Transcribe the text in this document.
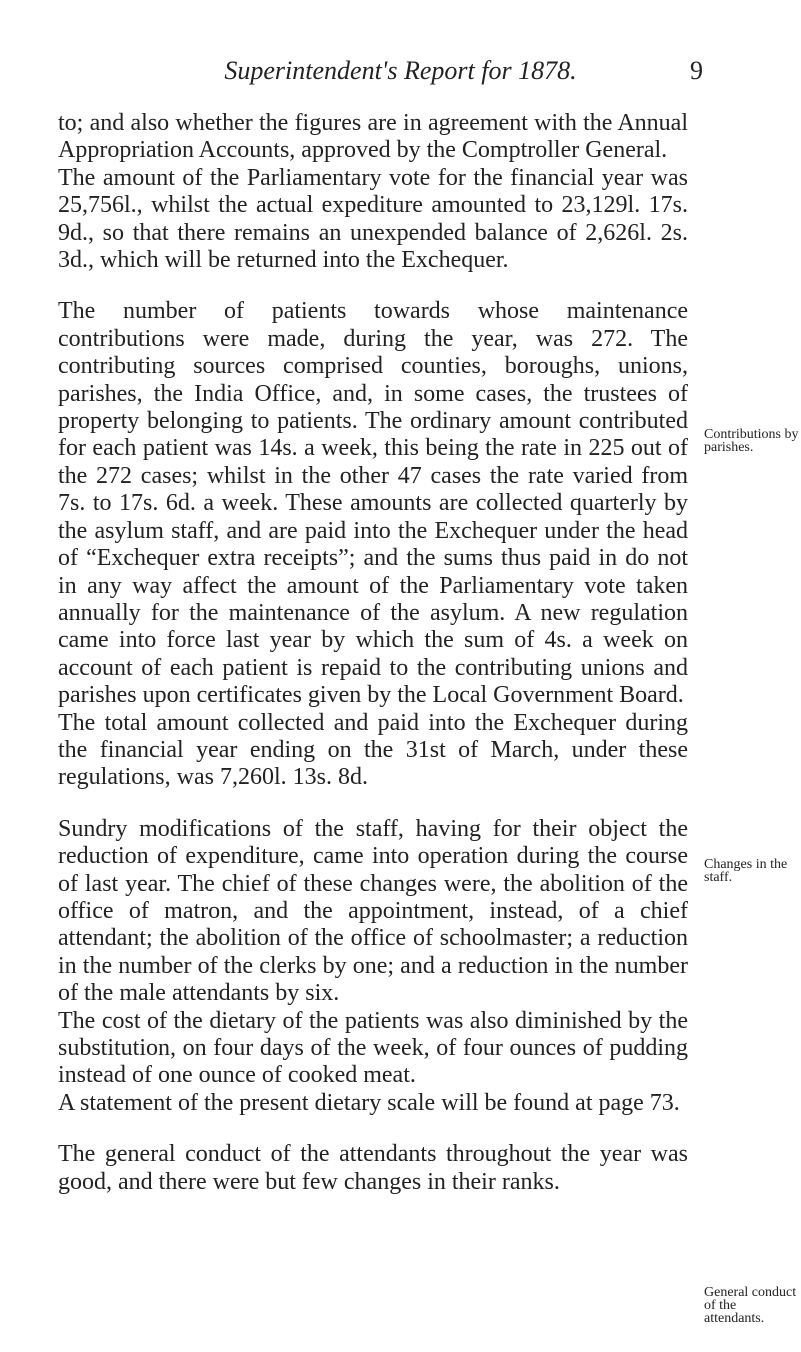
Superintendent's Report for 1878.	9

to; and also whether the figures are in agreement with the Annual Appropriation Accounts, approved by the Comptroller General.

The amount of the Parliamentary vote for the financial year was 25,756l., whilst the actual expediture amounted to 23,129l. 17s. 9d., so that there remains an unexpended balance of 2,626l. 2s. 3d., which will be returned into the Exchequer.

The number of patients towards whose maintenance contributions were made, during the year, was 272. The contributing sources comprised counties, boroughs, unions, parishes, the India Office, and, in some cases, the trustees of property belonging to patients. The ordinary amount contributed for each patient was 14s. a week, this being the rate in 225 out of the 272 cases; whilst in the other 47 cases the rate varied from 7s. to 17s. 6d. a week. These amounts are collected quarterly by the asylum staff, and are paid into the Exchequer under the head of “Exchequer extra receipts”; and the sums thus paid in do not in any way affect the amount of the Parliamentary vote taken annually for the maintenance of the asylum. A new regulation came into force last year by which the sum of 4s. a week on account of each patient is repaid to the contributing unions and parishes upon certificates given by the Local Government Board.

The total amount collected and paid into the Exchequer during the financial year ending on the 31st of March, under these regulations, was 7,260l. 13s. 8d.

Sundry modifications of the staff, having for their object the reduction of expenditure, came into operation during the course of last year. The chief of these changes were, the abolition of the office of matron, and the appointment, instead, of a chief attendant; the abolition of the office of schoolmaster; a reduction in the number of the clerks by one; and a reduction in the number of the male attendants by six.

The cost of the dietary of the patients was also diminished by the substitution, on four days of the week, of four ounces of pudding instead of one ounce of cooked meat.

A statement of the present dietary scale will be found at page 73.

The general conduct of the attendants throughout the year was good, and there were but few changes in their ranks.

Contributions by parishes.
Changes in the staff.
General conduct of the attendants.
